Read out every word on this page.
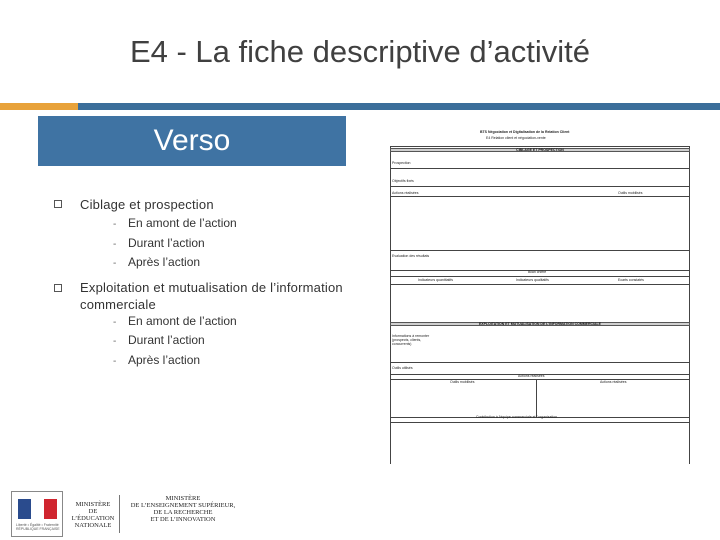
E4 - La fiche descriptive d’activité
Verso
Ciblage et prospection
- En amont de l’action
- Durant l’action
- Après l’action
Exploitation et mutualisation de l’information commerciale
- En amont de l’action
- Durant l’action
- Après l’action
BTS Négociation et Digitalisation de la Relation Client
E4 Relation client et négociation-vente
CIBLAGE ET PROSPECTION
Prospection
Objectifs fixés
Actions réalisées	Outils mobilisés
Evaluation des résultats
Bilan chiffré
Indicateurs quantitatifs	Indicateurs qualitatifs	Ecarts constatés
EXPLOITATION ET MUTUALISATION DE L’INFORMATION COMMERCIALE
Informations à remonter (prospects, clients, concurrents)
Outils utilisés
Actions réalisées
Outils mobilisés	Actions réalisées
Contribution à l’équipe commerciale et l’organisation
Liberté • Égalité • Fraternité
RÉPUBLIQUE FRANÇAISE
MINISTÈRE
DE L’ÉDUCATION
NATIONALE
MINISTÈRE
DE L’ENSEIGNEMENT SUPÉRIEUR,
DE LA RECHERCHE
ET DE L’INNOVATION
